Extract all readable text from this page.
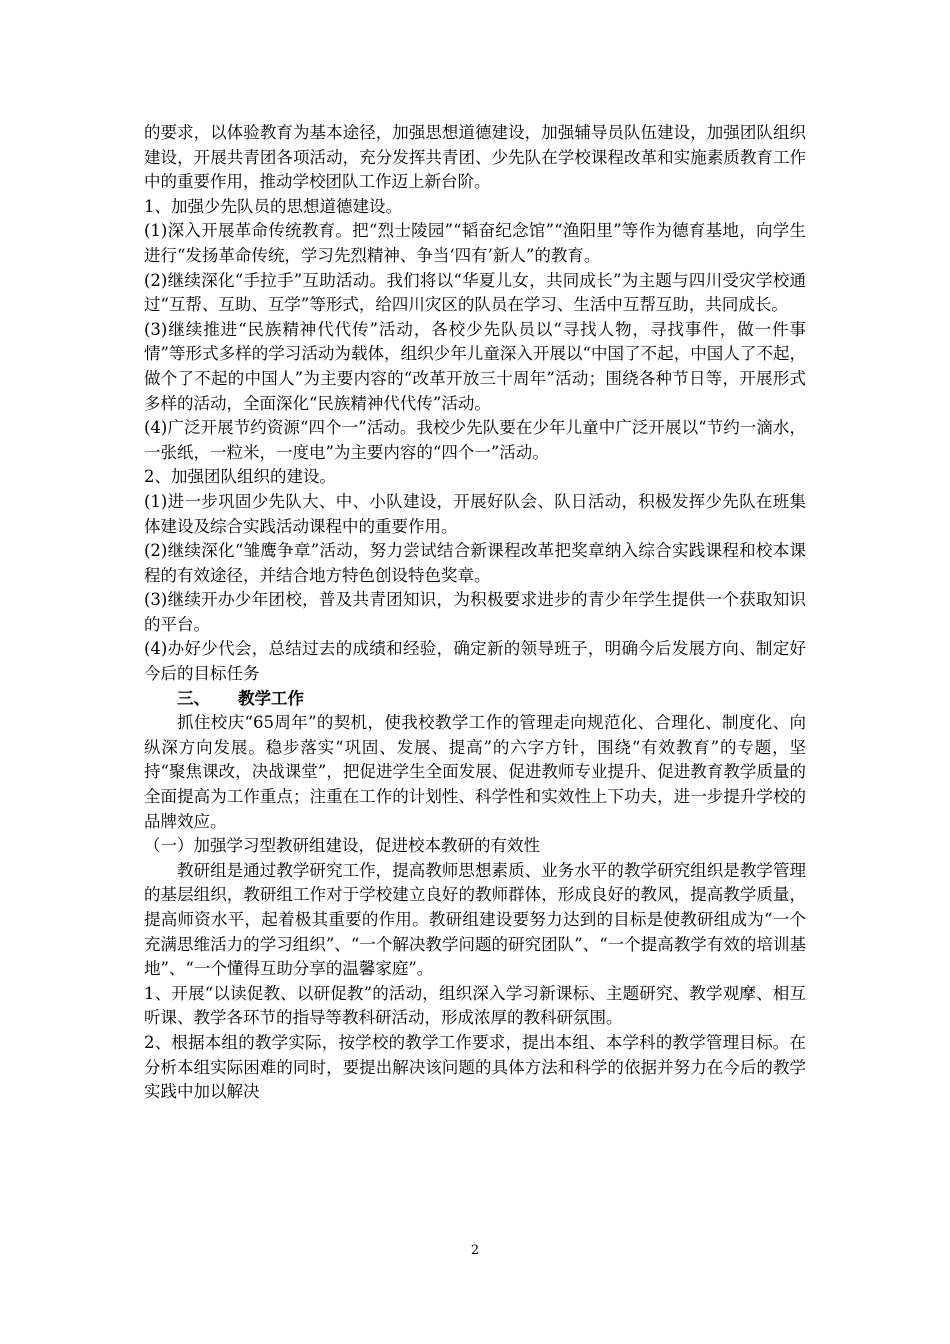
的要求，以体验教育为基本途径，加强思想道德建设，加强辅导员队伍建设，加强团队组织建设，开展共青团各项活动，充分发挥共青团、少先队在学校课程改革和实施素质教育工作中的重要作用，推动学校团队工作迈上新台阶。

1、加强少先队员的思想道德建设。

(1)深入开展革命传统教育。把“烈士陵园”“韬奋纪念馆”“渔阳里”等作为德育基地，向学生进行“发扬革命传统，学习先烈精神、争当‘四有’新人”的教育。

(2)继续深化“手拉手”互助活动。我们将以“华夏儿女，共同成长”为主题与四川受灾学校通过“互帮、互助、互学”等形式，给四川灾区的队员在学习、生活中互帮互助，共同成长。

(3)继续推进“民族精神代代传”活动，各校少先队员以“寻找人物，寻找事件，做一件事情”等形式多样的学习活动为载体，组织少年儿童深入开展以“中国了不起，中国人了不起，做个了不起的中国人”为主要内容的“改革开放三十周年”活动；围绕各种节日等，开展形式多样的活动，全面深化“民族精神代代传”活动。

(4)广泛开展节约资源“四个一”活动。我校少先队要在少年儿童中广泛开展以“节约一滴水，一张纸，一粒米，一度电”为主要内容的“四个一”活动。

2、加强团队组织的建设。

(1)进一步巩固少先队大、中、小队建设，开展好队会、队日活动，积极发挥少先队在班集体建设及综合实践活动课程中的重要作用。

(2)继续深化“雏鹰争章”活动，努力尝试结合新课程改革把奖章纳入综合实践课程和校本课程的有效途径，并结合地方特色创设特色奖章。

(3)继续开办少年团校，普及共青团知识，为积极要求进步的青少年学生提供一个获取知识的平台。

(4)办好少代会，总结过去的成绩和经验，确定新的领导班子，明确今后发展方向、制定好今后的目标任务

三、 教学工作

抓住校庆“65周年”的契机，使我校教学工作的管理走向规范化、合理化、制度化、向纵深方向发展。稳步落实“巩固、发展、提高”的六字方针，围绕“有效教育”的专题，坚持“聚焦课改，决战课堂”，把促进学生全面发展、促进教师专业提升、促进教育教学质量的全面提高为工作重点；注重在工作的计划性、科学性和实效性上下功夫，进一步提升学校的品牌效应。

（一）加强学习型教研组建设，促进校本教研的有效性

教研组是通过教学研究工作，提高教师思想素质、业务水平的教学研究组织是教学管理的基层组织，教研组工作对于学校建立良好的教师群体，形成良好的教风，提高教学质量，提高师资水平，起着极其重要的作用。教研组建设要努力达到的目标是使教研组成为“一个充满思维活力的学习组织”、“一个解决教学问题的研究团队”、“一个提高教学有效的培训基地”、“一个懂得互助分享的温馨家庭”。

1、开展“以读促教、以研促教”的活动，组织深入学习新课标、主题研究、教学观摩、相互听课、教学各环节的指导等教科研活动，形成浓厚的教科研氛围。

2、根据本组的教学实际，按学校的教学工作要求，提出本组、本学科的教学管理目标。在分析本组实际困难的同时，要提出解决该问题的具体方法和科学的依据并努力在今后的教学实践中加以解决

2
